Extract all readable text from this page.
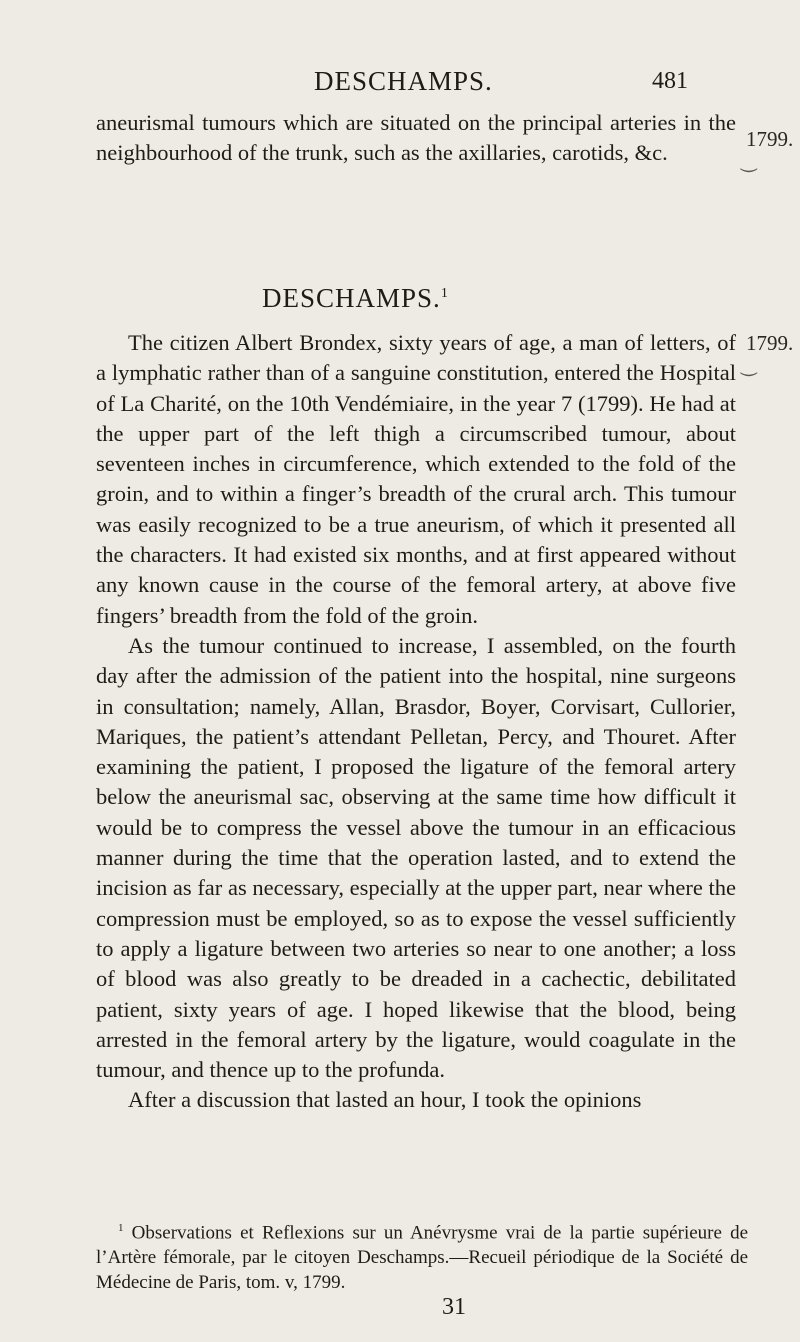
DESCHAMPS.	481
1799.
⏝
1799.
⏝

aneurismal tumours which are situated on the principal arteries in the neighbourhood of the trunk, such as the axillaries, carotids, &c.

DESCHAMPS.$^1$

The citizen Albert Brondex, sixty years of age, a man of letters, of a lymphatic rather than of a sanguine constitution, entered the Hospital of La Charité, on the 10th Vendémiaire, in the year 7 (1799). He had at the upper part of the left thigh a circumscribed tumour, about seventeen inches in circumference, which extended to the fold of the groin, and to within a finger’s breadth of the crural arch. This tumour was easily recognized to be a true aneurism, of which it presented all the characters. It had existed six months, and at first appeared without any known cause in the course of the femoral artery, at above five fingers’ breadth from the fold of the groin.

As the tumour continued to increase, I assembled, on the fourth day after the admission of the patient into the hospital, nine surgeons in consultation; namely, Allan, Brasdor, Boyer, Corvisart, Cullorier, Mariques, the patient’s attendant Pelletan, Percy, and Thouret. After examining the patient, I proposed the ligature of the femoral artery below the aneurismal sac, observing at the same time how difficult it would be to compress the vessel above the tumour in an efficacious manner during the time that the operation lasted, and to extend the incision as far as necessary, especially at the upper part, near where the compression must be employed, so as to expose the vessel sufficiently to apply a ligature between two arteries so near to one another; a loss of blood was also greatly to be dreaded in a cachectic, debilitated patient, sixty years of age. I hoped likewise that the blood, being arrested in the femoral artery by the ligature, would coagulate in the tumour, and thence up to the profunda.

After a discussion that lasted an hour, I took the opinions

$^1$ Observations et Reflexions sur un Anévrysme vrai de la partie supérieure de l’Artère fémorale, par le citoyen Deschamps.—Recueil périodique de la Société de Médecine de Paris, tom. v, 1799.
31
